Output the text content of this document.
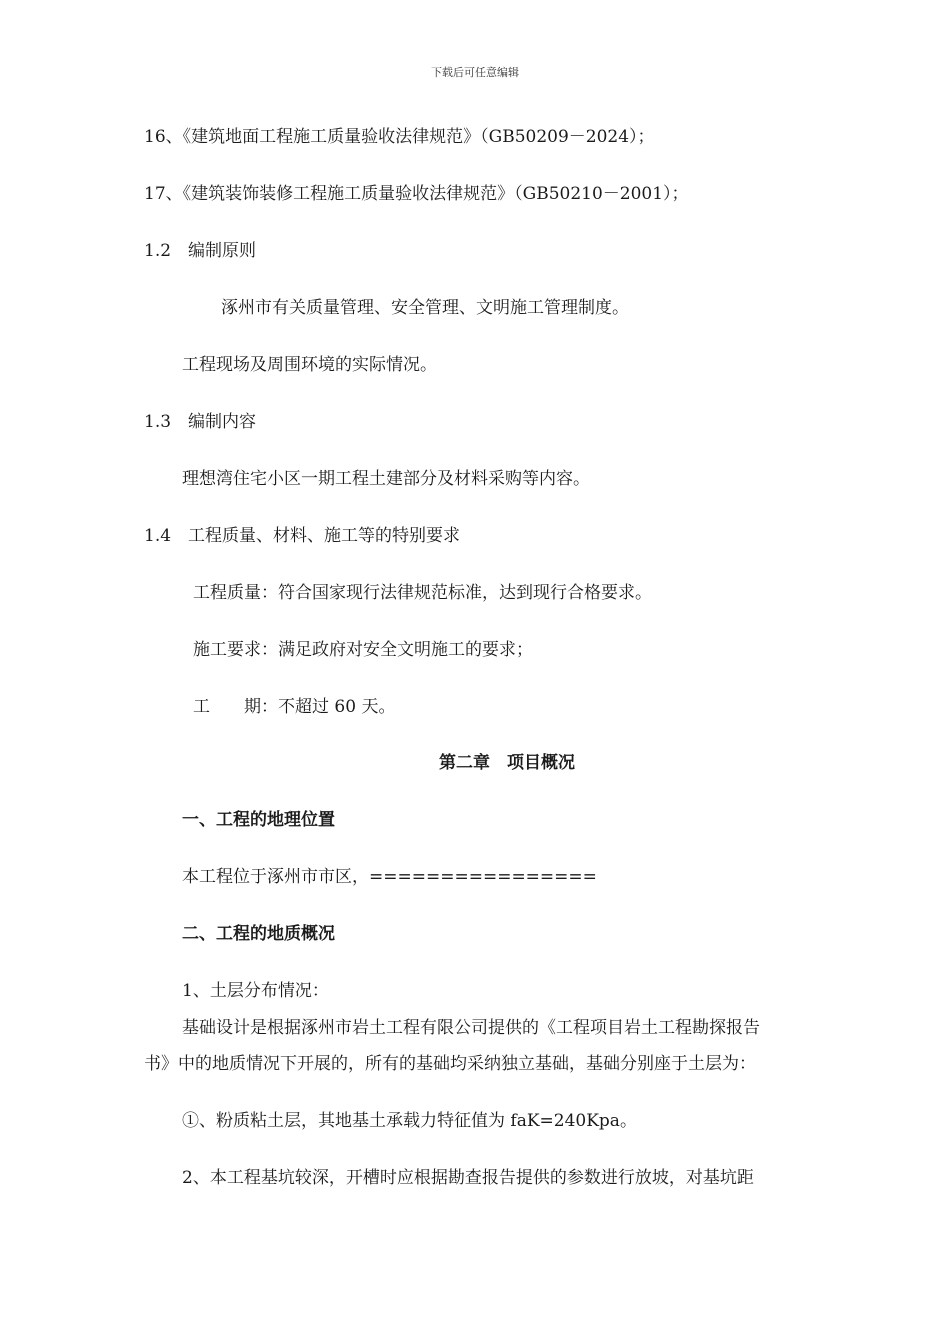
下载后可任意编辑
16、《建筑地面工程施工质量验收法律规范》（GB50209－2024）；
17、《建筑装饰装修工程施工质量验收法律规范》（GB50210－2001）；
1.2　编制原则
涿州市有关质量管理、安全管理、文明施工管理制度。
工程现场及周围环境的实际情况。
1.3　编制内容
理想湾住宅小区一期工程土建部分及材料采购等内容。
1.4　工程质量、材料、施工等的特别要求
工程质量：符合国家现行法律规范标准，达到现行合格要求。
施工要求：满足政府对安全文明施工的要求；
工　　期：不超过 60 天。
第二章　项目概况
一、工程的地理位置
本工程位于涿州市市区，================
二、工程的地质概况
1、土层分布情况：
基础设计是根据涿州市岩土工程有限公司提供的《工程项目岩土工程勘探报告
书》中的地质情况下开展的，所有的基础均采纳独立基础，基础分别座于土层为：
①、粉质粘土层，其地基土承载力特征值为 faK=240Kpa。
2、本工程基坑较深，开槽时应根据勘查报告提供的参数进行放坡，对基坑距
